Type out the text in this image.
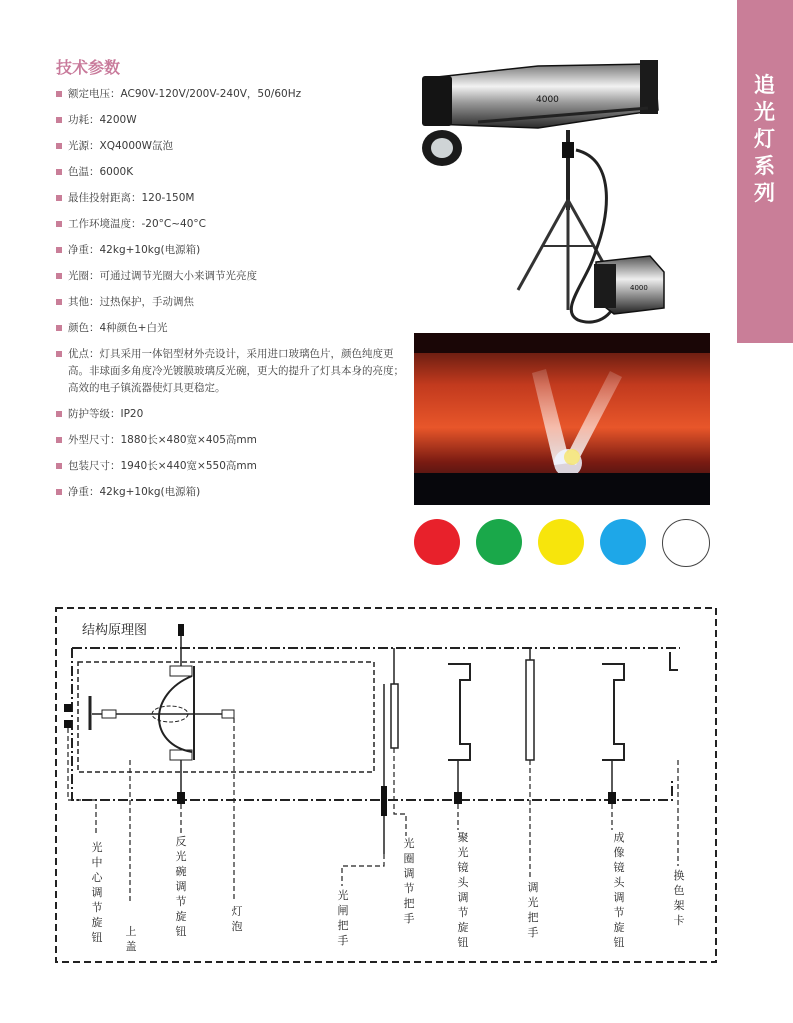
追光灯系列
技术参数
额定电压：AC90V-120V/200V-240V，50/60Hz
功耗：4200W
光源：XQ4000W氙泡
色温：6000K
最佳投射距离：120-150M
工作环境温度：-20°C~40°C
净重：42kg+10kg(电源箱)
光圈：可通过调节光圈大小来调节光亮度
其他：过热保护，手动调焦
颜色：4种颜色+白光
优点：灯具采用一体铝型材外壳设计，采用进口玻璃色片，颜色纯度更高。非球面多角度冷光镀膜玻璃反光碗，更大的提升了灯具本身的亮度；高效的电子镇流器使灯具更稳定。
防护等级：IP20
外型尺寸：1880长×480宽×405高mm
包装尺寸：1940长×440宽×550高mm
净重：42kg+10kg(电源箱)
4000
4000
结构原理图
光中心调节旋钮 上盖
反光碗调节旋钮
灯泡
光闸把手
光圈调节把手
聚光镜头调节旋钮
调光把手
成像镜头调节旋钮
换色架卡
